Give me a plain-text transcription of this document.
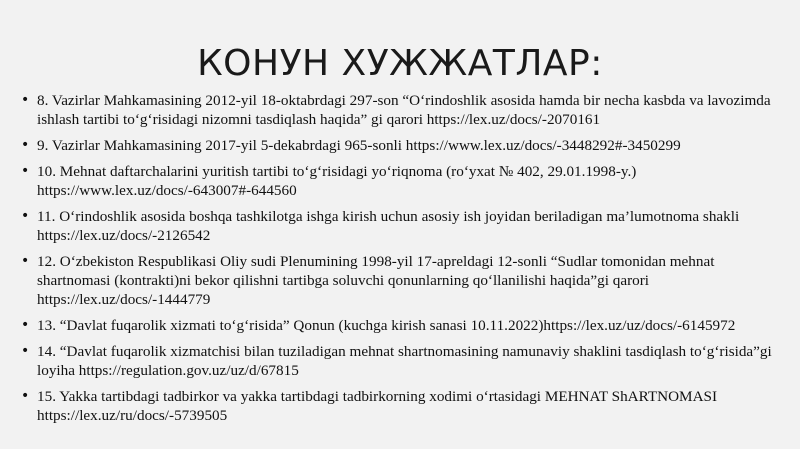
КОНУН ХУЖЖАТЛАР:
• 8. Vazirlar Mahkamasining 2012-yil 18-oktabrdagi 297-son “O‘rindoshlik asosida hamda bir necha kasbda va lavozimda ishlash tartibi to‘g‘risidagi nizomni tasdiqlash haqida” gi qarori https://lex.uz/docs/-2070161
• 9. Vazirlar Mahkamasining 2017-yil 5-dekabrdagi 965-sonli https://www.lex.uz/docs/-3448292#-3450299
• 10. Mehnat daftarchalarini yuritish tartibi to‘g‘risidagi yo‘riqnoma (ro‘yxat № 402, 29.01.1998-y.) https://www.lex.uz/docs/-643007#-644560
• 11. O‘rindoshlik asosida boshqa tashkilotga ishga kirish uchun asosiy ish joyidan beriladigan ma’lumotnoma shakli https://lex.uz/docs/-2126542
• 12. O‘zbekiston Respublikasi Oliy sudi Plenumining 1998-yil 17-apreldagi 12-sonli “Sudlar tomonidan mehnat shartnomasi (kontrakti)ni bekor qilishni tartibga soluvchi qonunlarning qo‘llanilishi haqida”gi qarori https://lex.uz/docs/-1444779
• 13. “Davlat fuqarolik xizmati to‘g‘risida” Qonun (kuchga kirish sanasi 10.11.2022)https://lex.uz/uz/docs/-6145972
• 14. “Davlat fuqarolik xizmatchisi bilan tuziladigan mehnat shartnomasining namunaviy shaklini tasdiqlash to‘g‘risida”gi loyiha https://regulation.gov.uz/uz/d/67815
• 15. Yakka tartibdagi tadbirkor va yakka tartibdagi tadbirkorning xodimi o‘rtasidagi MEHNAT ShARTNOMASI https://lex.uz/ru/docs/-5739505
